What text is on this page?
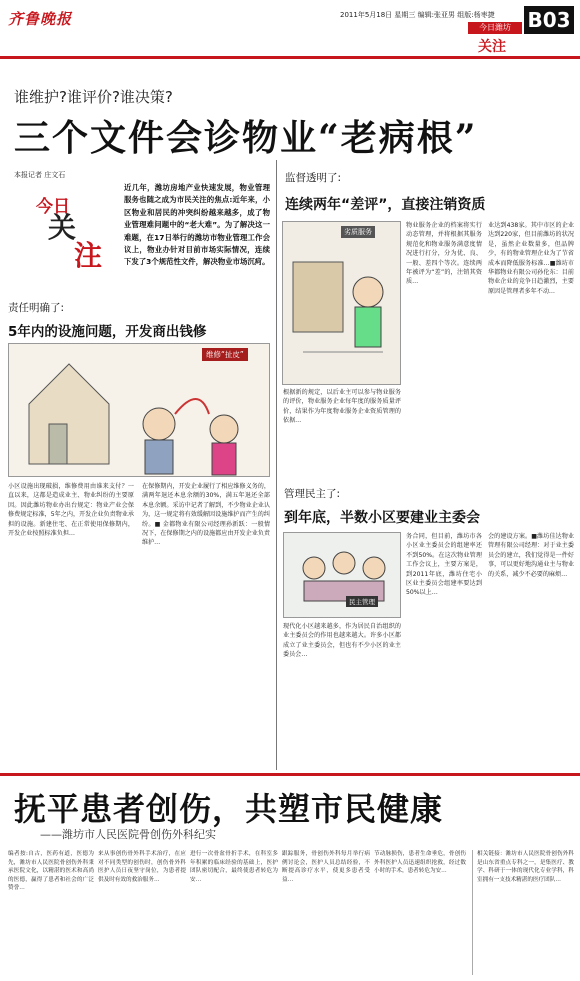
齐鲁晚报	2011年5月18日 星期三 编辑:张亚男 组版:杨枣捷
今日潍坊 B03
关注
谁维护?谁评价?谁决策?
三个文件会诊物业“老病根”
本报记者 庄文石
今日
关
注
近几年，潍坊房地产业快速发展，物业管理服务也随之成为市民关注的焦点:近年来，小区物业和居民的冲突纠纷越来越多，成了物业管理难问题中的“老大难”。为了解决这一难题，在17日举行的潍坊市物业管理工作会议上，物业办针对目前市场实际情况，连续下发了3个规范性文件，解决物业市场沉疴。
责任明确了:
5年内的设施问题，开发商出钱修
维修“扯皮”
小区设施出现破损，维修费用由谁来支付？一直以来，这都是造成业主、物业纠纷的主要原因。因此潍坊物业办出台规定：物业产业会保修费规定标准，5年之内，开发企业负责物业承担的设施。新建住宅、在正常使用保修期内，开发企业按照标准负担…
在保修期内，开发企业履行了相应维修义务的，满两年退还本息余额的30%，满五年退还全部本息余额。采访中记者了解到，不少物业企业认为，这一规定将有效缓解因设施维护而产生的纠纷。■ 金都物业有限公司经理孙新跃：一般情况下，在保修期之内的设施都应由开发企业负责维护…
监督透明了:
连续两年“差评”，直接注销资质
劣质服务
根据新的规定，以后业主可以参与物业服务的评价，物业服务企业每年度的服务质量评价，结果作为年度物业服务企业资质管理的依据…
物业服务企业的档案将实行动态管理，并将根据其服务规范化和物业服务满意度情况进行打分，分为优、良、一般、差四个等次。连续两年被评为“差”的，注销其资质…
业达到438家。其中市区的企业达到220家，但目前潍坊的状况是，虽然企业数量多，但品牌少，有的物业管理企业为了节省成本而降低服务标准…■潍坊市华都物业有限公司孙伦东：目前物业企业的竞争日趋激烈，主要原因是管理者多年不动…
管理民主了:
到年底，半数小区要建业主委会
民主管理
现代化小区越来越多，作为居民自治组织的业主委员会的作用也越来越大。许多小区都成立了业主委员会，但也有不少小区的业主委员会…
务合同，但目前，潍坊市各小区业主委员会的组建率还不到50%。在这次物业管理工作会议上，主要方案是，到2011年底，潍坊住宅小区业主委员会组建率要达到50%以上…
会的建设方案。■潍坊佳达物业管理有限公司经理：对于业主委员会的建立，我们觉得是一件好事，可以更好地沟通业主与物业的关系，减少不必要的麻烦…
抚平患者创伤，共塑市民健康
——潍坊市人民医院骨创伤外科纪实
编者按:自古，医药有道，医德为先，潍坊市人民医院骨创伤外科秉承医院文化，以精湛的医术和高尚的医德，赢得了患者和社会的广泛赞誉…
来从事创伤骨外科手术治疗，在应对不同类型的创伤时，创伤骨外科医护人员日夜坚守岗位，为患者提供及时有效的救治服务…
进行一次骨盆骨折手术，在科室多年积累的临床经验的基础上，医护团队密切配合，最终使患者转危为安…
跟踪服务，骨创伤外科每月举行病例讨论会，医护人员总结经验，不断提高诊疗水平，使更多患者受益…
节动脉损伤，患者生命垂危，骨创伤外科医护人员迅速组织抢救，经过数小时的手术，患者转危为安…
相关链接：潍坊市人民医院骨创伤外科是山东省重点专科之一，是集医疗、教学、科研于一体的现代化专业学科，科室拥有一支技术精湛的医疗团队…
